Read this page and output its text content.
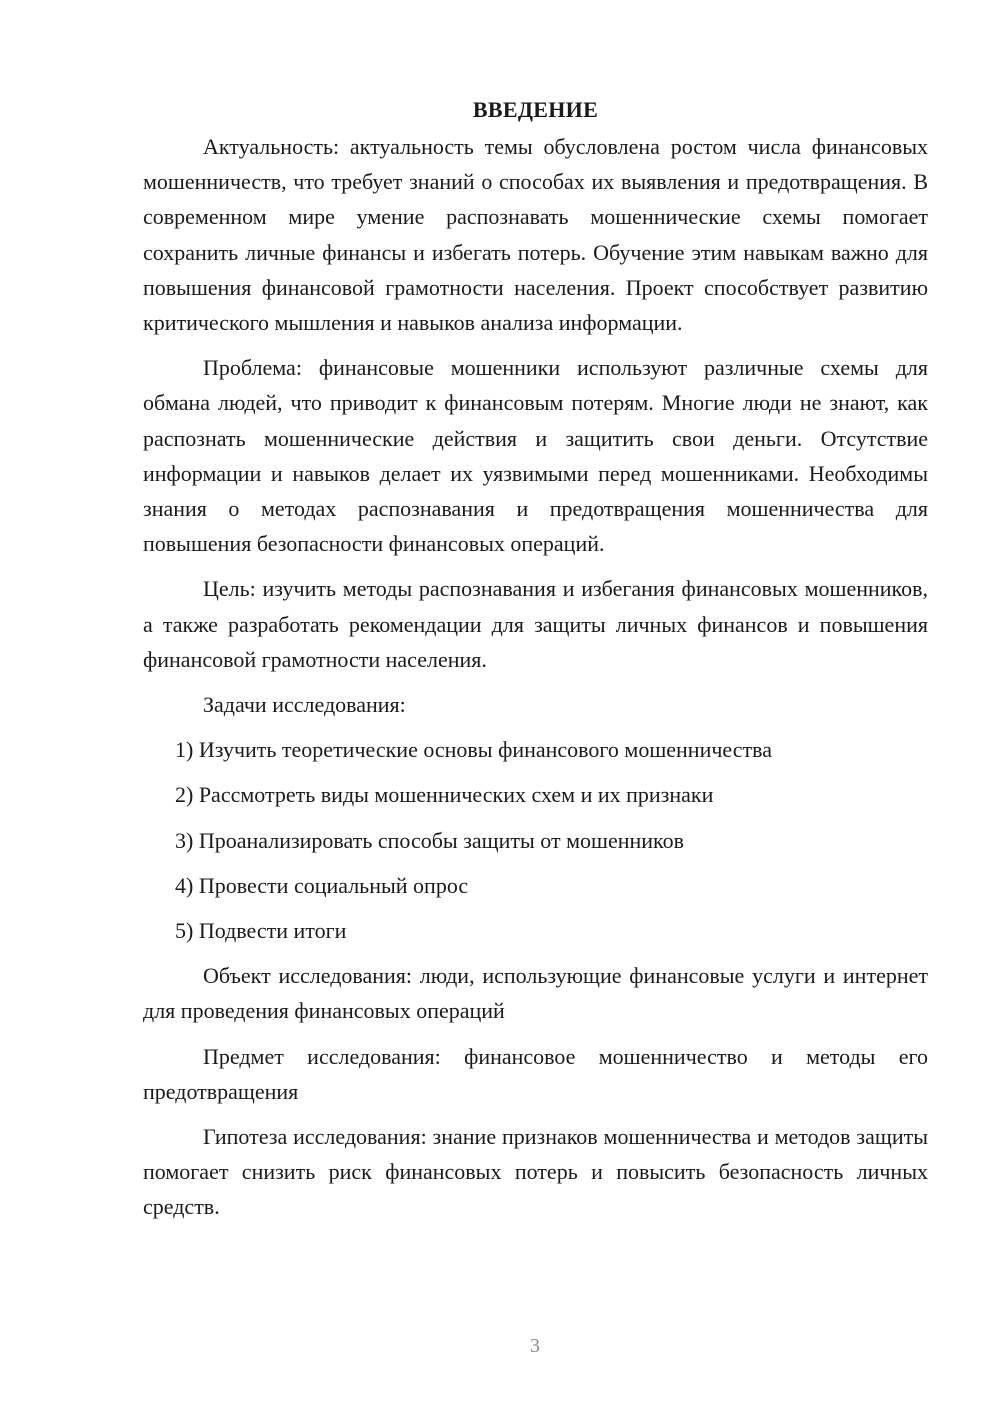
ВВЕДЕНИЕ

Актуальность: актуальность темы обусловлена ростом числа финансовых мошенничеств, что требует знаний о способах их выявления и предотвращения. В современном мире умение распознавать мошеннические схемы помогает сохранить личные финансы и избегать потерь. Обучение этим навыкам важно для повышения финансовой грамотности населения. Проект способствует развитию критического мышления и навыков анализа информации.

Проблема: финансовые мошенники используют различные схемы для обмана людей, что приводит к финансовым потерям. Многие люди не знают, как распознать мошеннические действия и защитить свои деньги. Отсутствие информации и навыков делает их уязвимыми перед мошенниками. Необходимы знания о методах распознавания и предотвращения мошенничества для повышения безопасности финансовых операций.

Цель: изучить методы распознавания и избегания финансовых мошенников, а также разработать рекомендации для защиты личных финансов и повышения финансовой грамотности населения.

Задачи исследования:

1) Изучить теоретические основы финансового мошенничества

2) Рассмотреть виды мошеннических схем и их признаки

3) Проанализировать способы защиты от мошенников

4) Провести социальный опрос

5) Подвести итоги

Объект исследования: люди, использующие финансовые услуги и интернет для проведения финансовых операций

Предмет исследования: финансовое мошенничество и методы его предотвращения

Гипотеза исследования: знание признаков мошенничества и методов защиты помогает снизить риск финансовых потерь и повысить безопасность личных средств.

3
